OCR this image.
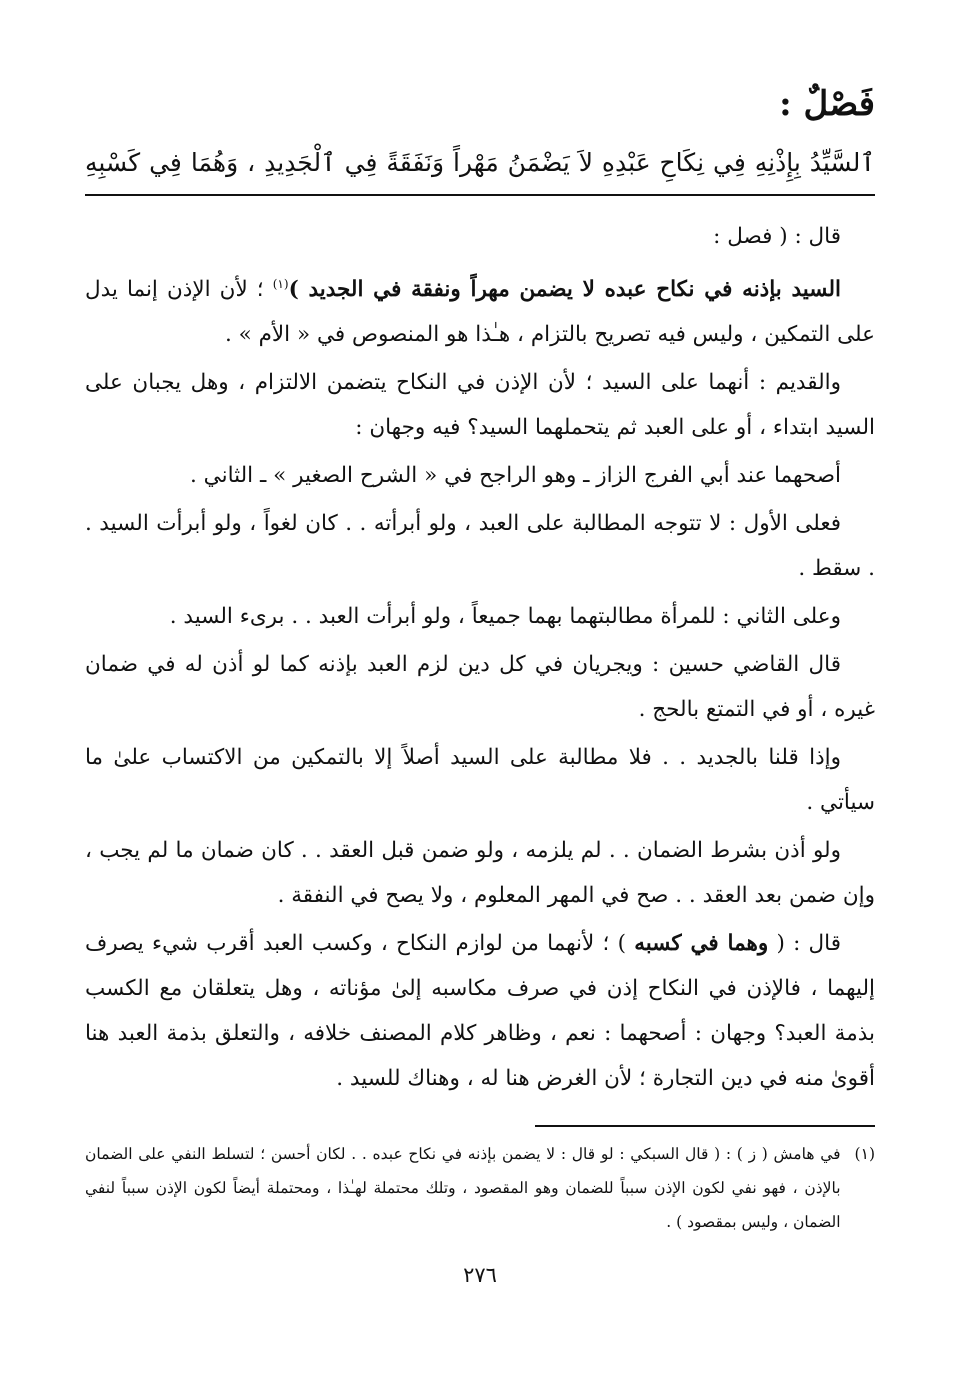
فَصْلٌ :
ٱلسَّيِّدُ بِإِذْنِهِ فِي نِكَاحِ عَبْدِهِ لاَ يَضْمَنُ مَهْراً وَنَفَقَةً فِي ٱلْجَدِيدِ ، وَهُمَا فِي كَسْبِهِ

قال : ( فصل :

السيد بإذنه في نكاح عبده لا يضمن مهراً ونفقة في الجديد )$^{(١)}$ ؛ لأن الإذن إنما يدل على التمكين ، وليس فيه تصريح بالتزام ، هـٰذا هو المنصوص في « الأم » .

والقديم : أنهما على السيد ؛ لأن الإذن في النكاح يتضمن الالتزام ، وهل يجبان على السيد ابتداء ، أو على العبد ثم يتحملهما السيد؟ فيه وجهان :

أصحهما عند أبي الفرج الزاز ـ وهو الراجح في « الشرح الصغير » ـ الثاني .

فعلى الأول : لا تتوجه المطالبة على العبد ، ولو أبرأته . . كان لغواً ، ولو أبرأت السيد . . سقط .

وعلى الثاني : للمرأة مطالبتهما بهما جميعاً ، ولو أبرأت العبد . . برىء السيد .

قال القاضي حسين : ويجريان في كل دين لزم العبد بإذنه كما لو أذن له في ضمان غيره ، أو في التمتع بالحج .

وإذا قلنا بالجديد . . فلا مطالبة على السيد أصلاً إلا بالتمكين من الاكتساب علىٰ ما سيأتي .

ولو أذن بشرط الضمان . . لم يلزمه ، ولو ضمن قبل العقد . . كان ضمان ما لم يجب ، وإن ضمن بعد العقد . . صح في المهر المعلوم ، ولا يصح في النفقة .

قال : ( وهما في كسبه ) ؛ لأنهما من لوازم النكاح ، وكسب العبد أقرب شيء يصرف إليهما ، فالإذن في النكاح إذن في صرف مكاسبه إلىٰ مؤناته ، وهل يتعلقان مع الكسب بذمة العبد؟ وجهان : أصحهما : نعم ، وظاهر كلام المصنف خلافه ، والتعلق بذمة العبد هنا أقوىٰ منه في دين التجارة ؛ لأن الغرض هنا له ، وهناك للسيد .

(١)
في هامش ( ز ) : ( قال السبكي : لو قال : لا يضمن بإذنه في نكاح عبده . . لكان أحسن ؛ لتسلط النفي على الضمان بالإذن ، فهو نفي لكون الإذن سبباً للضمان وهو المقصود ، وتلك محتملة لهـٰذا ، ومحتملة أيضاً لكون الإذن سبباً لنفي الضمان ، وليس بمقصود ) .
٢٧٦
